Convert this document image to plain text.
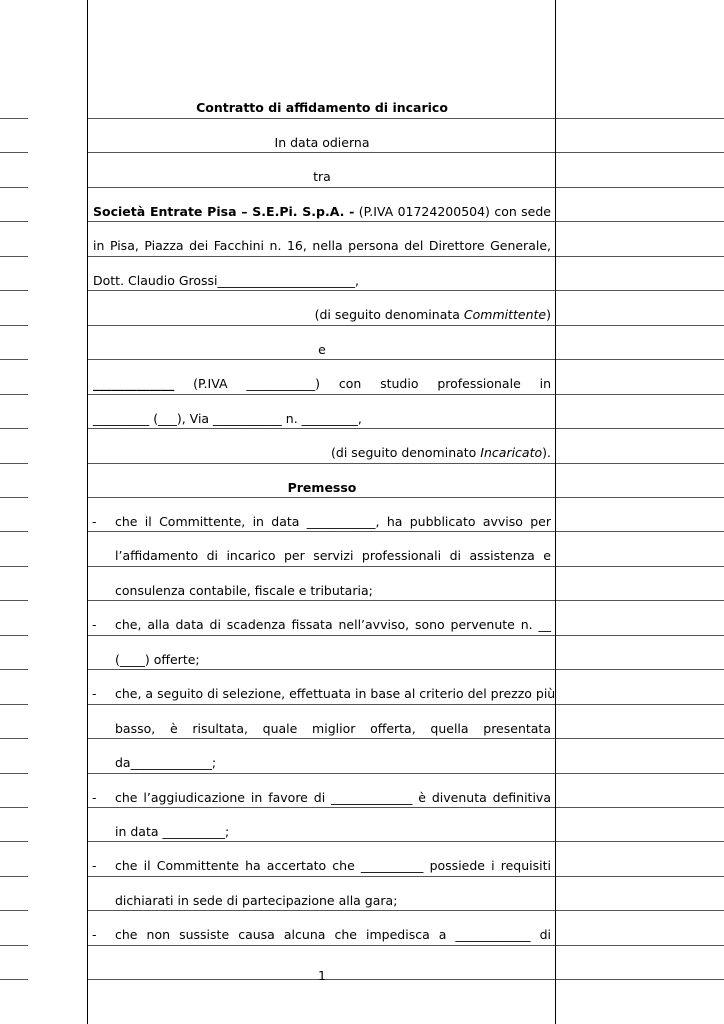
Contratto di affidamento di incarico
In data odierna
tra
Società Entrate Pisa – S.E.Pi. S.p.A. - (P.IVA 01724200504) con sede
in Pisa, Piazza dei Facchini n. 16, nella persona del Direttore Generale,
Dott. Claudio Grossi______________________,
(di seguito denominata Committente)
e
_____________ (P.IVA ___________) con studio professionale in
_________ (___), Via ___________ n. _________,
(di seguito denominato Incaricato).
Premesso
-	che il Committente, in data ___________, ha pubblicato avviso per
l’affidamento di incarico per servizi professionali di assistenza e
consulenza contabile, fiscale e tributaria;
-	che, alla data di scadenza fissata nell’avviso, sono pervenute n. __
(____) offerte;
-	che, a seguito di selezione, effettuata in base al criterio del prezzo più
basso, è risultata, quale miglior offerta, quella presentata
da_____________;
-	che l’aggiudicazione in favore di _____________ è divenuta definitiva
in data __________;
-	che il Committente ha accertato che __________ possiede i requisiti
dichiarati in sede di partecipazione alla gara;
-	che non sussiste causa alcuna che impedisca a ____________ di
1
